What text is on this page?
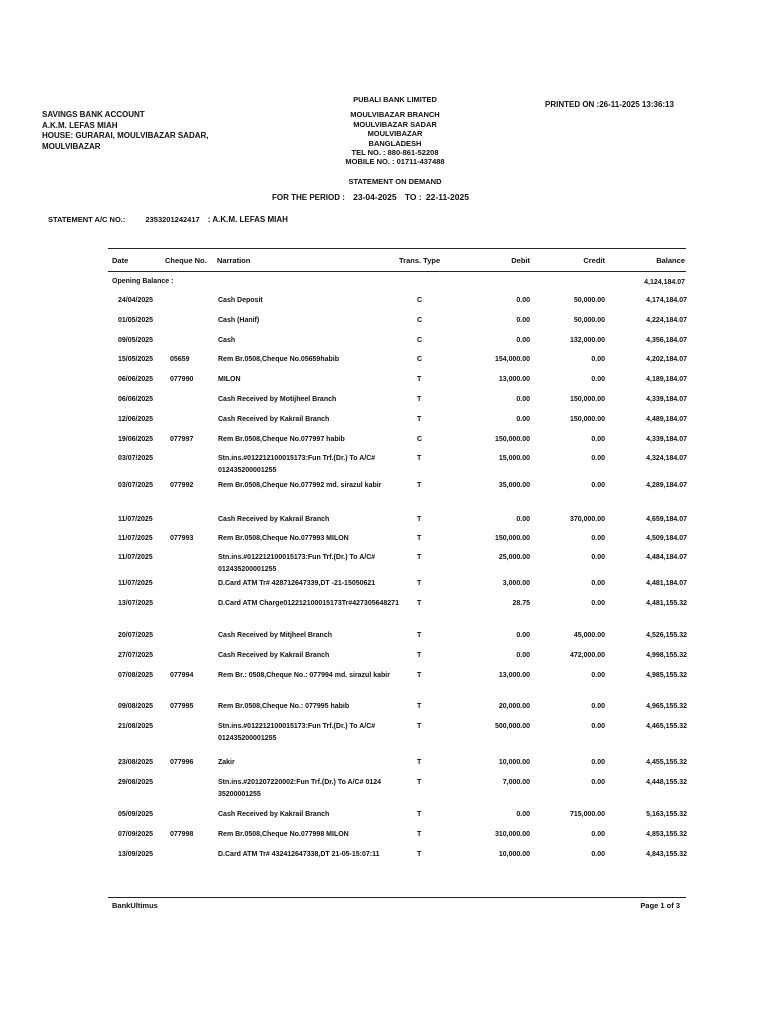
SAVINGS BANK ACCOUNT
A.K.M. LEFAS MIAH
HOUSE: GURARAI, MOULVIBAZAR SADAR,
MOULVIBAZAR
PUBALI BANK LIMITED
MOULVIBAZAR BRANCH
MOULVIBAZAR SADAR
MOULVIBAZAR
BANGLADESH
TEL NO. : 880-861-52208
MOBILE NO. : 01711-437488
PRINTED ON :26-11-2025 13:36:13
STATEMENT ON DEMAND
FOR THE PERIOD : 23-04-2025 TO : 22-11-2025
STATEMENT A/C NO.:	2353201242417 : A.K.M. LEFAS MIAH
Date	Cheque No. Narration	Trans. Type	Debit	Credit	Balance
Opening Balance :	4,124,184.07
24/04/2025	Cash Deposit	C	0.00	50,000.00	4,174,184.07
01/05/2025	Cash (Hanif)	C	0.00	50,000.00	4,224,184.07
09/05/2025	Cash	C	0.00	132,000.00	4,356,184.07
15/05/2025 05659	Rem Br.0508,Cheque No.05659habib	C	154,000.00	0.00	4,202,184.07
06/06/2025 077990	MILON	T	13,000.00	0.00	4,189,184.07
06/06/2025	Cash Received by Motijheel Branch	T	0.00	150,000.00	4,339,184.07
12/06/2025	Cash Received by Kakrail Branch	T	0.00	150,000.00	4,489,184.07
19/06/2025 077997	Rem Br.0508,Cheque No.077997 habib	C	150,000.00	0.00	4,339,184.07
03/07/2025	Stn.ins.#012212100015173:Fun Trf.(Dr.) To A/C# 012435200001255
T	15,000.00	0.00	4,324,184.07
03/07/2025 077992	Rem Br.0508,Cheque No.077992 md. sirazul kabir	T	35,000.00	0.00	4,289,184.07
11/07/2025	Cash Received by Kakrail Branch	T	0.00	370,000.00	4,659,184.07
11/07/2025 077993	Rem Br.0508,Cheque No.077993 MILON	T	150,000.00	0.00	4,509,184.07
11/07/2025	Stn.ins.#012212100015173:Fun Trf.(Dr.) To A/C# 012435200001255
T	25,000.00	0.00	4,484,184.07
11/07/2025	D.Card ATM Tr# 428712647339,DT -21-15050621	T	3,000.00	0.00	4,481,184.07
13/07/2025	D.Card ATM Charge012212100015173Tr#427305648271	T	28.75	0.00	4,481,155.32
20/07/2025	Cash Received by Mitjheel Branch	T	0.00	45,000.00	4,526,155.32
27/07/2025	Cash Received by Kakrail Branch	T	0.00	472,000.00	4,998,155.32
07/08/2025 077994	Rem Br.: 0508,Cheque No.: 077994 md. sirazul kabir	T	13,000.00	0.00	4,985,155.32
09/08/2025 077995	Rem Br.0508,Cheque No.: 077995 habib	T	20,000.00	0.00	4,965,155.32
21/08/2025	Stn.ins.#012212100015173:Fun Trf.(Dr.) To A/C# 012435200001255
T	500,000.00	0.00	4,465,155.32
23/08/2025 077996	Zakir	T	10,000.00	0.00	4,455,155.32
29/08/2025	Stn.ins.#201207220002:Fun Trf.(Dr.) To A/C# 0124 35200001255
T	7,000.00	0.00	4,448,155.32
05/09/2025	Cash Received by Kakrail Branch	T	0.00	715,000.00	5,163,155.32
07/09/2025 077998	Rem Br.0508,Cheque No.077998 MILON	T	310,000.00	0.00	4,853,155.32
13/09/2025	D.Card ATM Tr# 432412647338,DT 21-05-15:07:11	T	10,000.00	0.00	4,843,155.32
BankUltimus	Page 1 of 3
